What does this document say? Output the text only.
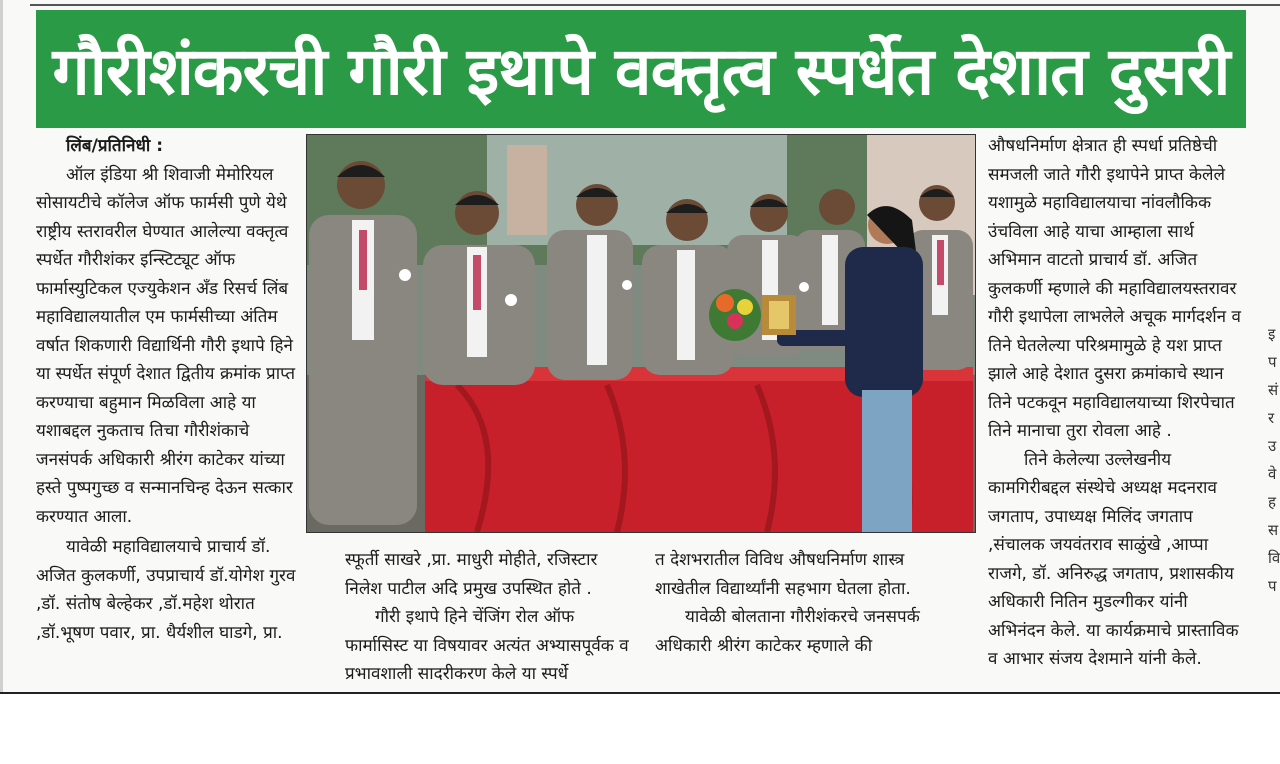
गौरीशंकरची गौरी इथापे वक्तृत्व स्पर्धेत देशात दुसरी

लिंब/प्रतिनिधी :

ऑल इंडिया श्री शिवाजी मेमोरियल सोसायटीचे कॉलेज ऑफ फार्मसी पुणे येथे राष्ट्रीय स्तरावरील घेण्यात आलेल्या वक्तृत्व स्पर्धेत गौरीशंकर इन्स्टिट्यूट ऑफ फार्मास्युटिकल एज्युकेशन अँड रिसर्च लिंब महाविद्यालयातील एम फार्मसीच्या अंतिम वर्षात शिकणारी विद्यार्थिनी गौरी इथापे हिने या स्पर्धेत संपूर्ण देशात द्वितीय क्रमांक प्राप्त करण्याचा बहुमान मिळविला आहे या यशाबद्दल नुकताच तिचा गौरीशंकाचे जनसंपर्क अधिकारी श्रीरंग काटेकर यांच्या हस्ते पुष्पगुच्छ व सन्मानचिन्ह देऊन सत्कार करण्यात आला.

यावेळी महाविद्यालयाचे प्राचार्य डॉ. अजित कुलकर्णी, उपप्राचार्य डॉ.योगेश गुरव ,डॉ. संतोष बेल्हेकर ,डॉ.महेश थोरात ,डॉ.भूषण पवार, प्रा. धैर्यशील घाडगे, प्रा.

स्फूर्ती साखरे ,प्रा. माधुरी मोहीते, रजिस्टार निलेश पाटील अदि प्रमुख उपस्थित होते .

गौरी इथापे हिने चेंजिंग रोल ऑफ फार्मासिस्ट या विषयावर अत्यंत अभ्यासपूर्वक व प्रभावशाली सादरीकरण केले या स्पर्धे

त देशभरातील विविध औषधनिर्माण शास्त्र शाखेतील विद्यार्थ्यांनी सहभाग घेतला होता.

यावेळी बोलताना गौरीशंकरचे जनसपर्क अधिकारी श्रीरंग काटेकर म्हणाले की

औषधनिर्माण क्षेत्रात ही स्पर्धा प्रतिष्ठेची समजली जाते गौरी इथापेने प्राप्त केलेले यशामुळे महाविद्यालयाचा नांवलौकिक उंचविला आहे याचा आम्हाला सार्थ अभिमान वाटतो प्राचार्य डॉ. अजित कुलकर्णी म्हणाले की महाविद्यालयस्तरावर गौरी इथापेला लाभलेले अचूक मार्गदर्शन व तिने घेतलेल्या परिश्रमामुळे हे यश प्राप्त झाले आहे देशात दुसरा क्रमांकाचे स्थान तिने पटकवून महाविद्यालयाच्या शिरपेचात तिने मानाचा तुरा रोवला आहे .

तिने केलेल्या उल्लेखनीय कामगिरीबद्दल संस्थेचे अध्यक्ष मदनराव जगताप, उपाध्यक्ष मिलिंद जगताप ,संचालक जयवंतराव साळुंखे ,आप्पा राजगे, डॉ. अनिरुद्ध जगताप, प्रशासकीय अधिकारी नितिन मुडल्गीकर यांनी अभिनंदन केले. या कार्यक्रमाचे प्रास्ताविक व आभार संजय देशमाने यांनी केले.

इ
प
सं
र
उ
वे
ह
स
वि
प
